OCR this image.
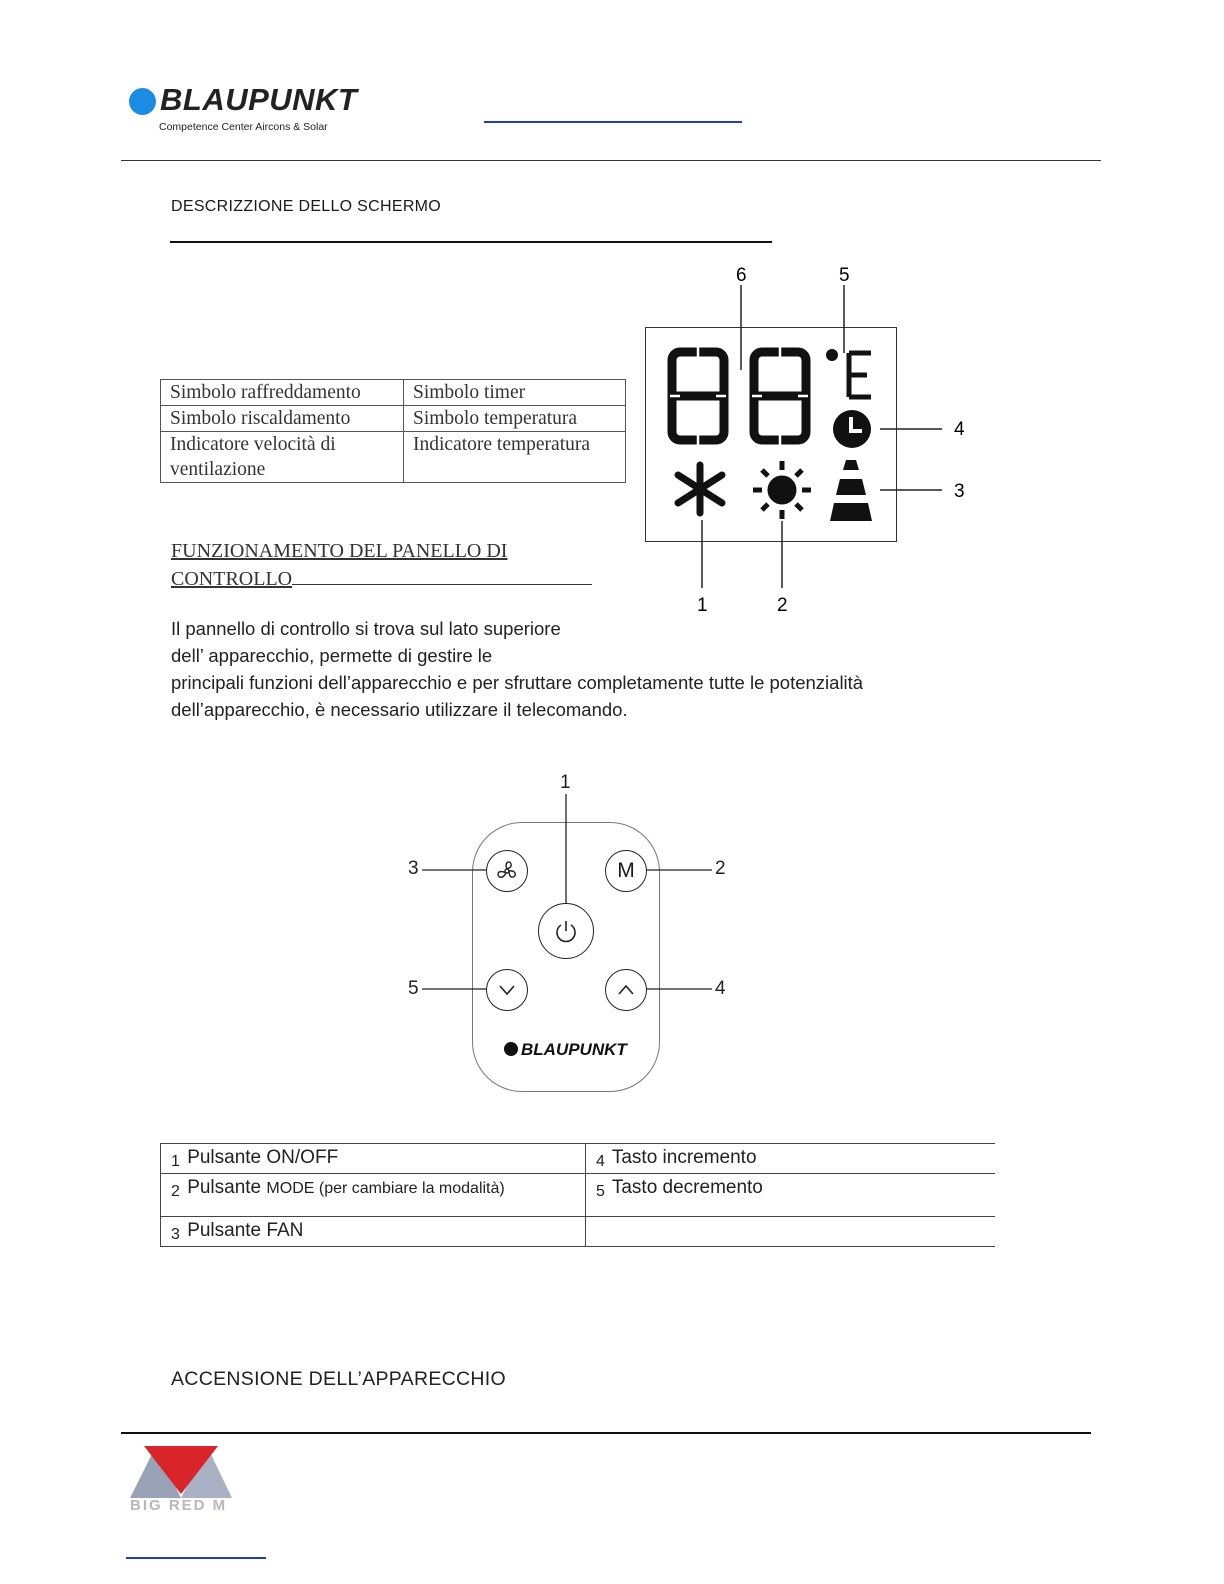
BLAUPUNKT
Competence Center Aircons & Solar
DESCRIZZIONE DELLO SCHERMO
Simbolo raffreddamento	Simbolo timer
Simbolo riscaldamento	Simbolo temperatura
Indicatore velocità di ventilazione	Indicatore temperatura
6	5
4
3
1	2
FUNZIONAMENTO DEL PANELLO DI
CONTROLLO
Il pannello di controllo si trova sul lato superiore
dell’ apparecchio, permette di gestire le
principali funzioni dell’apparecchio e per sfruttare completamente tutte le potenzialità
dell’apparecchio, è necessario utilizzare il telecomando.
1
2
3
4
5
M
BLAUPUNKT
1 Pulsante ON/OFF	4 Tasto incremento
2 Pulsante MODE (per cambiare la modalità)	5 Tasto decremento
3 Pulsante FAN	
ACCENSIONE DELL’APPARECCHIO
BIG RED M
